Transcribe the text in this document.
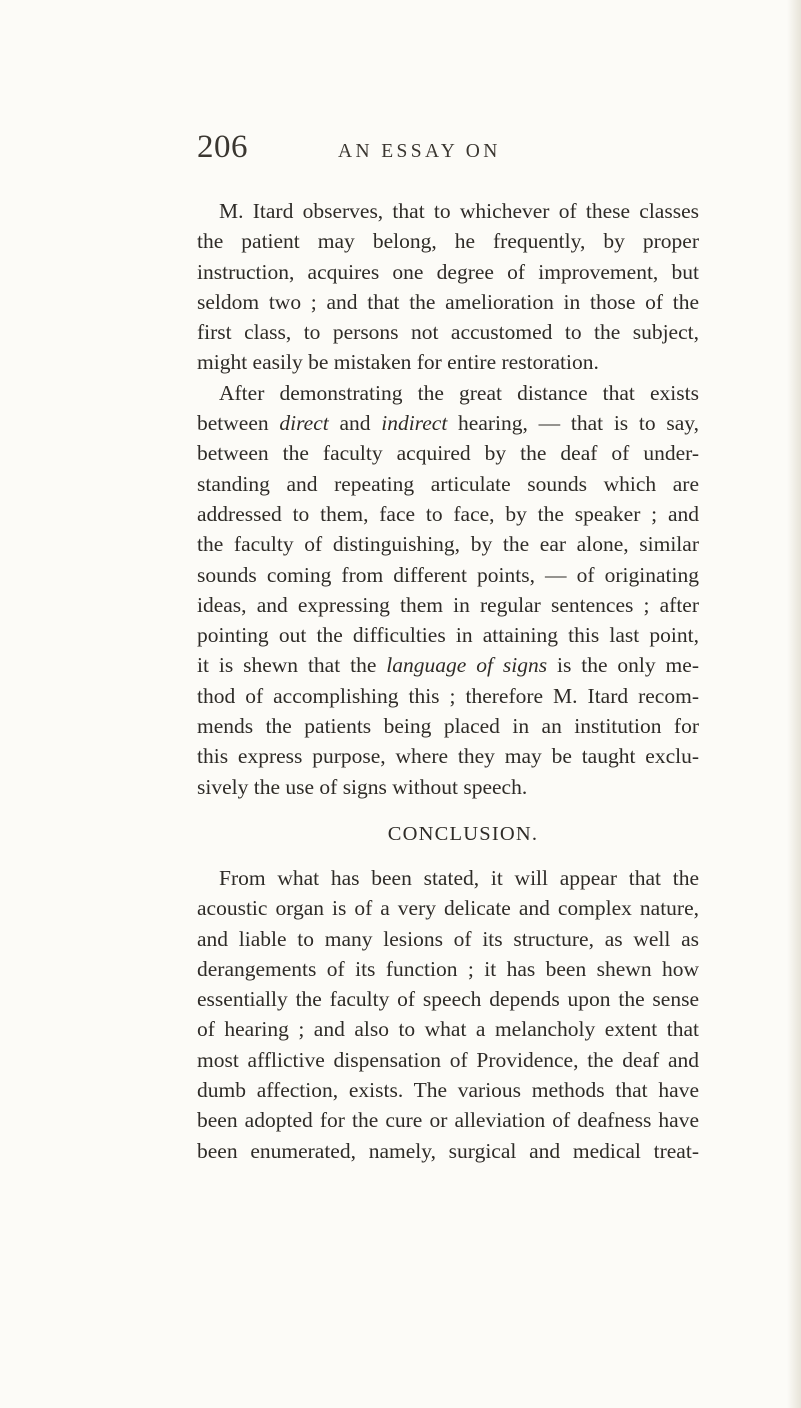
206	AN ESSAY ON
M. Itard observes, that to whichever of these classes
the patient may belong, he frequently, by proper
instruction, acquires one degree of improvement, but
seldom two ; and that the amelioration in those of the
first class, to persons not accustomed to the subject,
might easily be mistaken for entire restoration.
After demonstrating the great distance that exists
between direct and indirect hearing, — that is to say,
between the faculty acquired by the deaf of under-
standing and repeating articulate sounds which are
addressed to them, face to face, by the speaker ; and
the faculty of distinguishing, by the ear alone, similar
sounds coming from different points, — of originating
ideas, and expressing them in regular sentences ; after
pointing out the difficulties in attaining this last point,
it is shewn that the language of signs is the only me-
thod of accomplishing this ; therefore M. Itard recom-
mends the patients being placed in an institution for
this express purpose, where they may be taught exclu-
sively the use of signs without speech.
CONCLUSION.
From what has been stated, it will appear that the
acoustic organ is of a very delicate and complex nature,
and liable to many lesions of its structure, as well as
derangements of its function ; it has been shewn how
essentially the faculty of speech depends upon the sense
of hearing ; and also to what a melancholy extent that
most afflictive dispensation of Providence, the deaf and
dumb affection, exists. The various methods that have
been adopted for the cure or alleviation of deafness have
been enumerated, namely, surgical and medical treat-
